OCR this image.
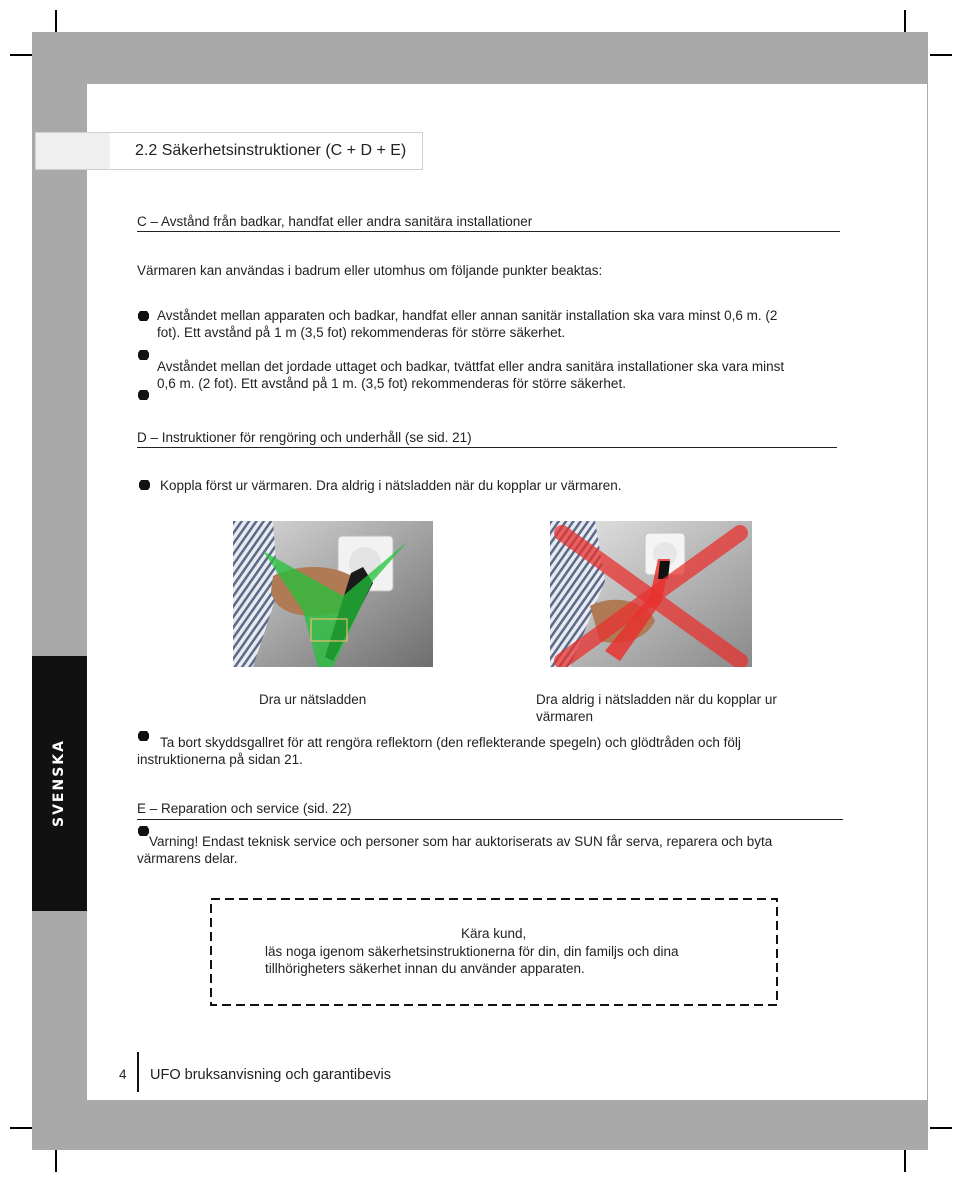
SVENSKA
2.2 Säkerhetsinstruktioner (C + D + E)
C – Avstånd från badkar, handfat eller andra sanitära installationer
Värmaren kan användas i badrum eller utomhus om följande punkter beaktas:
Avståndet mellan apparaten och badkar, handfat eller annan sanitär installation ska vara minst 0,6 m. (2
fot). Ett avstånd på 1 m (3,5 fot) rekommenderas för större säkerhet.
Avståndet mellan det jordade uttaget och badkar, tvättfat eller andra sanitära installationer ska vara minst
0,6 m. (2 fot). Ett avstånd på 1 m. (3,5 fot) rekommenderas för större säkerhet.
D – Instruktioner för rengöring och underhåll (se sid. 21)
Koppla först ur värmaren. Dra aldrig i nätsladden när du kopplar ur värmaren.
Dra ur nätsladden	Dra aldrig i nätsladden när du kopplar ur
värmaren
Ta bort skyddsgallret för att rengöra reflektorn (den reflekterande spegeln) och glödtråden och följ
instruktionerna på sidan 21.
E – Reparation och service (sid. 22)
Varning! Endast teknisk service och personer som har auktoriserats av SUN får serva, reparera och byta
värmarens delar.
Kära kund,
läs noga igenom säkerhetsinstruktionerna för din, din familjs och dina
tillhörigheters säkerhet innan du använder apparaten.
4 UFO bruksanvisning och garantibevis
